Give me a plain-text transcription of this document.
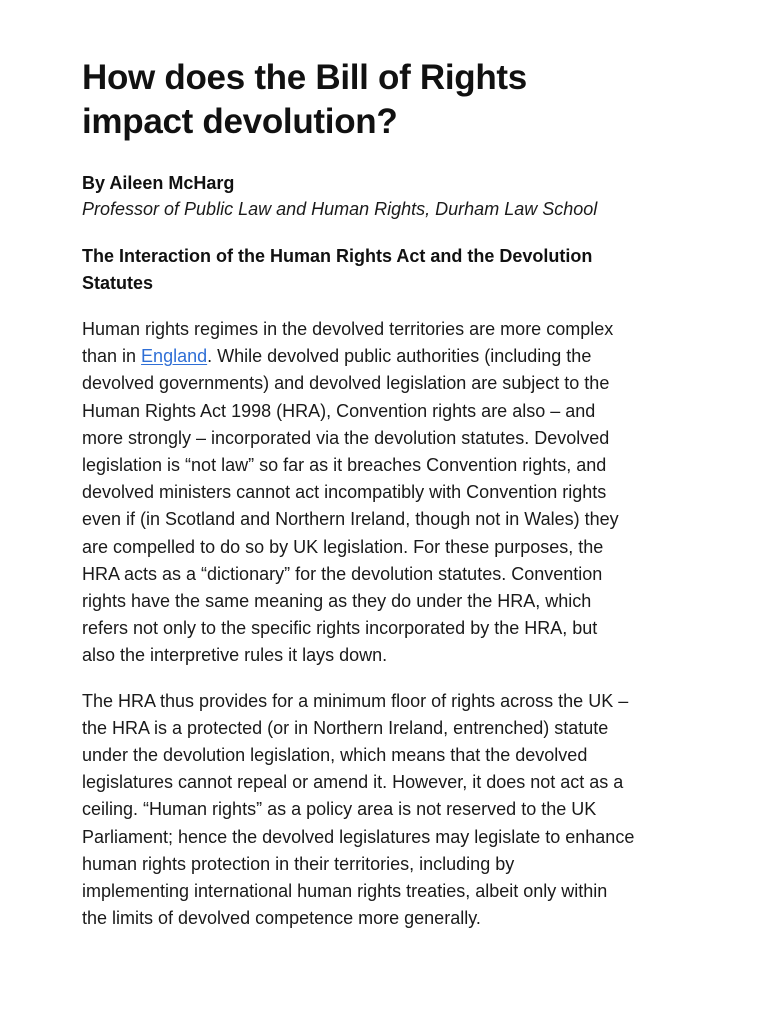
How does the Bill of Rights
impact devolution?
By Aileen McHarg
Professor of Public Law and Human Rights, Durham Law School
The Interaction of the Human Rights Act and the Devolution
Statutes

Human rights regimes in the devolved territories are more complex
than in England. While devolved public authorities (including the
devolved governments) and devolved legislation are subject to the
Human Rights Act 1998 (HRA), Convention rights are also – and
more strongly – incorporated via the devolution statutes. Devolved
legislation is “not law” so far as it breaches Convention rights, and
devolved ministers cannot act incompatibly with Convention rights
even if (in Scotland and Northern Ireland, though not in Wales) they
are compelled to do so by UK legislation. For these purposes, the
HRA acts as a “dictionary” for the devolution statutes. Convention
rights have the same meaning as they do under the HRA, which
refers not only to the specific rights incorporated by the HRA, but
also the interpretive rules it lays down.

The HRA thus provides for a minimum floor of rights across the UK –
the HRA is a protected (or in Northern Ireland, entrenched) statute
under the devolution legislation, which means that the devolved
legislatures cannot repeal or amend it. However, it does not act as a
ceiling. “Human rights” as a policy area is not reserved to the UK
Parliament; hence the devolved legislatures may legislate to enhance
human rights protection in their territories, including by
implementing international human rights treaties, albeit only within
the limits of devolved competence more generally.
